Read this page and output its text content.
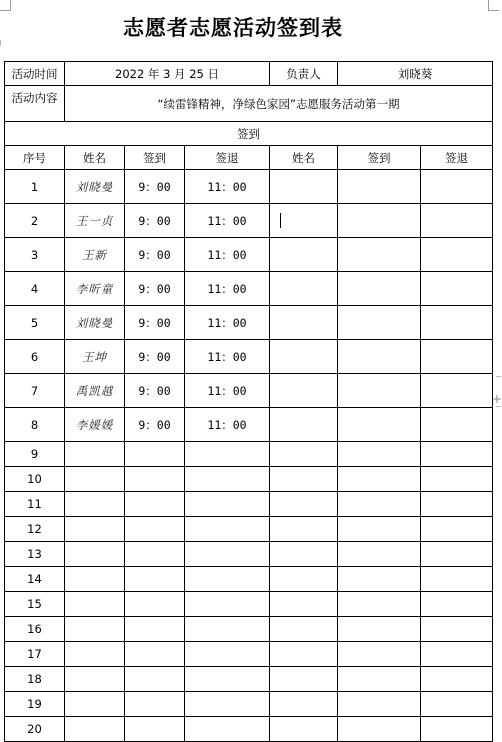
+
志愿者志愿活动签到表
活动时间	2022 年 3 月 25 日			负责人	刘晓葵	
活动内容	“续雷锋精神，净绿色家园”志愿服务活动第一期					
签到						
序号	姓名	签到	签退	姓名	签到	签退
1	刘晓曼	9：00	11：00			
2	王一贞	9：00	11：00			
3	王新	9：00	11：00			
4	李昕童	9：00	11：00			
5	刘晓曼	9：00	11：00			
6	王坤	9：00	11：00			
7	禹凯越	9：00	11：00			
8	李媛媛	9：00	11：00			
9						
10						
11						
12						
13						
14						
15						
16						
17						
18						
19						
20						
